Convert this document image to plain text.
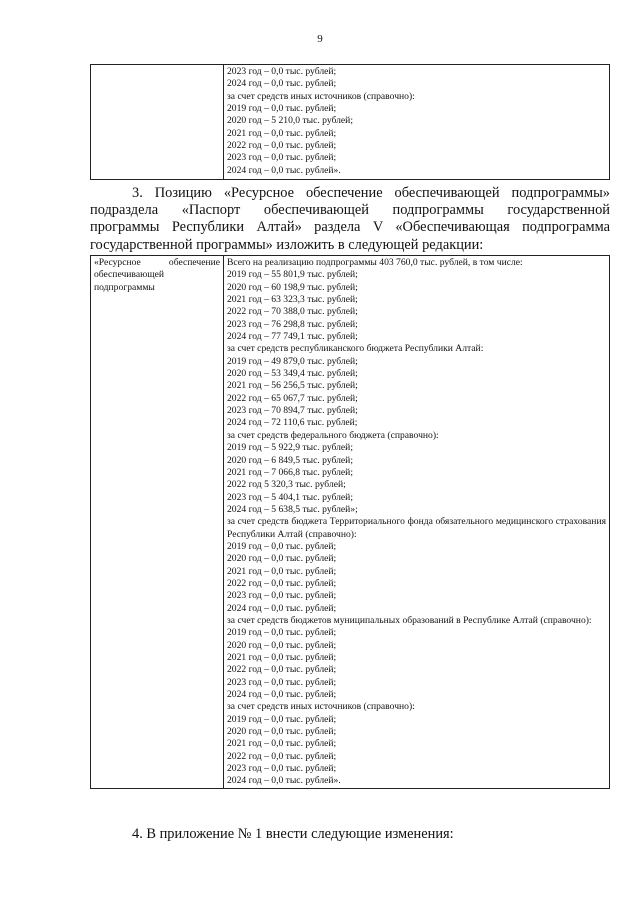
9

2023 год – 0,0 тыс. рублей;
2024 год – 0,0 тыс. рублей;
за счет средств иных источников (справочно):
2019 год – 0,0 тыс. рублей;
2020 год – 5 210,0 тыс. рублей;
2021 год – 0,0 тыс. рублей;
2022 год – 0,0 тыс. рублей;
2023 год – 0,0 тыс. рублей;
2024 год – 0,0 тыс. рублей».
3. Позицию «Ресурсное обеспечение обеспечивающей подпрограммы»
подраздела «Паспорт обеспечивающей подпрограммы государственной
программы Республики Алтай» раздела V «Обеспечивающая подпрограмма
государственной программы» изложить в следующей редакции:
«Ресурсное обеспечение
обеспечивающей
подпрограммы

Всего на реализацию подпрограммы 403 760,0 тыс. рублей, в том числе:
2019 год – 55 801,9 тыс. рублей;
2020 год – 60 198,9 тыс. рублей;
2021 год – 63 323,3 тыс. рублей;
2022 год – 70 388,0 тыс. рублей;
2023 год – 76 298,8 тыс. рублей;
2024 год – 77 749,1 тыс. рублей;
за счет средств республиканского бюджета Республики Алтай:
2019 год – 49 879,0 тыс. рублей;
2020 год – 53 349,4 тыс. рублей;
2021 год – 56 256,5 тыс. рублей;
2022 год – 65 067,7 тыс. рублей;
2023 год – 70 894,7 тыс. рублей;
2024 год – 72 110,6 тыс. рублей;
за счет средств федерального бюджета (справочно):
2019 год – 5 922,9 тыс. рублей;
2020 год – 6 849,5 тыс. рублей;
2021 год – 7 066,8 тыс. рублей;
2022 год 5 320,3 тыс. рублей;
2023 год – 5 404,1 тыс. рублей;
2024 год – 5 638,5 тыс. рублей»;
за счет средств бюджета Территориального фонда обязательного медицинского страхования Республики Алтай (справочно):
2019 год – 0,0 тыс. рублей;
2020 год – 0,0 тыс. рублей;
2021 год – 0,0 тыс. рублей;
2022 год – 0,0 тыс. рублей;
2023 год – 0,0 тыс. рублей;
2024 год – 0,0 тыс. рублей;
за счет средств бюджетов муниципальных образований в Республике Алтай (справочно):
2019 год – 0,0 тыс. рублей;
2020 год – 0,0 тыс. рублей;
2021 год – 0,0 тыс. рублей;
2022 год – 0,0 тыс. рублей;
2023 год – 0,0 тыс. рублей;
2024 год – 0,0 тыс. рублей;
за счет средств иных источников (справочно):
2019 год – 0,0 тыс. рублей;
2020 год – 0,0 тыс. рублей;
2021 год – 0,0 тыс. рублей;
2022 год – 0,0 тыс. рублей;
2023 год – 0,0 тыс. рублей;
2024 год – 0,0 тыс. рублей».
4. В приложение № 1 внести следующие изменения:
